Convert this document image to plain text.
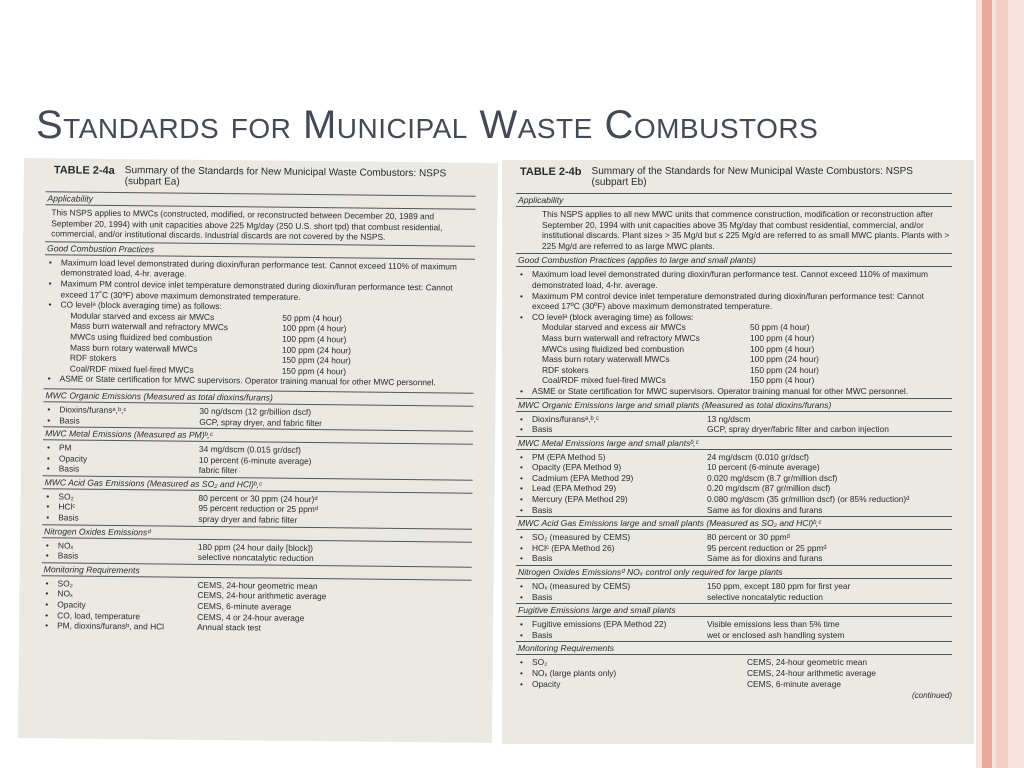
Standards for Municipal Waste Combustors
TABLE 2-4a Summary of the Standards for New Municipal Waste Combustors: NSPS (subpart Ea)
Applicability
This NSPS applies to MWCs (constructed, modified, or reconstructed between December 20, 1989 and September 20, 1994) with unit capacities above 225 Mg/day (250 U.S. short tpd) that combust residential, commercial, and/or institutional discards. Industrial discards are not covered by the NSPS.
Good Combustion Practices
•	Maximum load level demonstrated during dioxin/furan performance test. Cannot exceed 110% of maximum demonstrated load, 4-hr. average.
•	Maximum PM control device inlet temperature demonstrated during dioxin/furan performance test: Cannot exceed 17˚C (30ºF) above maximum demonstrated temperature.
•	CO levelᵃ (block averaging time) as follows:
Modular starved and excess air MWCs	50 ppm (4 hour)
Mass burn waterwall and refractory MWCs	100 ppm (4 hour)
MWCs using fluidized bed combustion	100 ppm (4 hour)
Mass burn rotary waterwall MWCs	100 ppm (24 hour)
RDF stokers	150 ppm (24 hour)
Coal/RDF mixed fuel-fired MWCs	150 ppm (4 hour)
•	ASME or State certification for MWC supervisors. Operator training manual for other MWC personnel.
MWC Organic Emissions (Measured as total dioxins/furans)
•	Dioxins/furansᵃ,ᵇ,ᶜ	30 ng/dscm (12 gr/billion dscf)
•	Basis	GCP, spray dryer, and fabric filter
MWC Metal Emissions (Measured as PM)ᵇ,ᶜ
•	PM	34 mg/dscm (0.015 gr/dscf)
•	Opacity	10 percent (6-minute average)
•	Basis	fabric filter
MWC Acid Gas Emissions (Measured as SO₂ and HCl)ᵇ,ᶜ
•	SO₂	80 percent or 30 ppm (24 hour)ᵈ
•	HClᶜ	95 percent reduction or 25 ppmᵈ
•	Basis	spray dryer and fabric filter
Nitrogen Oxides Emissionsᵈ
•	NOₓ	180 ppm (24 hour daily [block])
•	Basis	selective noncatalytic reduction
Monitoring Requirements
•	SO₂	CEMS, 24-hour geometric mean
•	NOₓ	CEMS, 24-hour arithmetic average
•	Opacity	CEMS, 6-minute average
•	CO, load, temperature	CEMS, 4 or 24-hour average
•	PM, dioxins/furansᵇ, and HCl	Annual stack test
TABLE 2-4b Summary of the Standards for New Municipal Waste Combustors: NSPS (subpart Eb)
Applicability
This NSPS applies to all new MWC units that commence construction, modification or reconstruction after September 20, 1994 with unit capacities above 35 Mg/day that combust residential, commercial, and/or institutional discards. Plant sizes > 35 Mg/d but ≤ 225 Mg/d are referred to as small MWC plants. Plants with > 225 Mg/d are referred to as large MWC plants.
Good Combustion Practices (applies to large and small plants)
•	Maximum load level demonstrated during dioxin/furan performance test. Cannot exceed 110% of maximum demonstrated load, 4-hr. average.
•	Maximum PM control device inlet temperature demonstrated during dioxin/furan performance test: Cannot exceed 17ºC (30ºF) above maximum demonstrated temperature.
•	CO levelᵃ (block averaging time) as follows:
Modular starved and excess air MWCs	50 ppm (4 hour)
Mass burn waterwall and refractory MWCs	100 ppm (4 hour)
MWCs using fluidized bed combustion	100 ppm (4 hour)
Mass burn rotary waterwall MWCs	100 ppm (24 hour)
RDF stokers	150 ppm (24 hour)
Coal/RDF mixed fuel-fired MWCs	150 ppm (4 hour)
•	ASME or State certification for MWC supervisors. Operator training manual for other MWC personnel.
MWC Organic Emissions large and small plants (Measured as total dioxins/furans)
•	Dioxins/furansᵃ,ᵇ,ᶜ	13 ng/dscm
•	Basis	GCP, spray dryer/fabric filter and carbon injection
MWC Metal Emissions large and small plantsᵇ,ᶜ
•	PM (EPA Method 5)	24 mg/dscm (0.010 gr/dscf)
•	Opacity (EPA Method 9)	10 percent (6-minute average)
•	Cadmium (EPA Method 29)	0.020 mg/dscm (8.7 gr/million dscf)
•	Lead (EPA Method 29)	0.20 mg/dscm (87 gr/million dscf)
•	Mercury (EPA Method 29)	0.080 mg/dscm (35 gr/million dscf) (or 85% reduction)ᵈ
•	Basis	Same as for dioxins and furans
MWC Acid Gas Emissions large and small plants (Measured as SO₂ and HCl)ᵇ,ᶜ
•	SO₂ (measured by CEMS)	80 percent or 30 ppmᵈ
•	HClᶜ (EPA Method 26)	95 percent reduction or 25 ppmᵈ
•	Basis	Same as for dioxins and furans
Nitrogen Oxides Emissionsᵈ NOₓ control only required for large plants
•	NOₓ (measured by CEMS)	150 ppm, except 180 ppm for first year
•	Basis	selective noncatalytic reduction
Fugitive Emissions large and small plants
•	Fugitive emissions (EPA Method 22)	Visible emissions less than 5% time
•	Basis	wet or enclosed ash handling system
Monitoring Requirements
•	SO₂	CEMS, 24-hour geometric mean
•	NOₓ (large plants only)	CEMS, 24-hour arithmetic average
•	Opacity	CEMS, 6-minute average
(continued)
